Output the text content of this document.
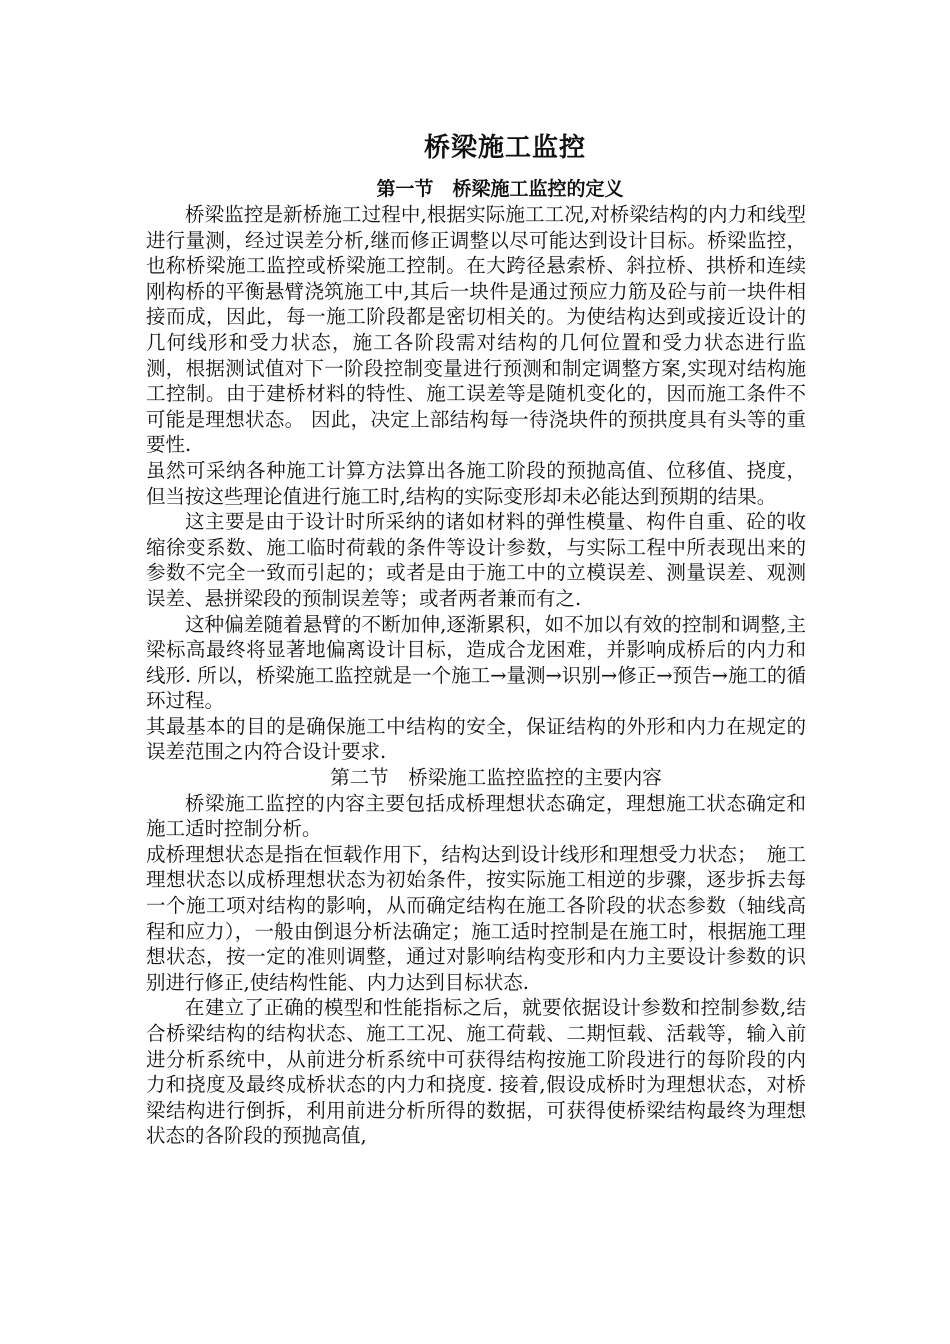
桥梁施工监控
第一节　桥梁施工监控的定义

桥梁监控是新桥施工过程中,根据实际施工工况,对桥梁结构的内力和线型进行量测，经过误差分析,继而修正调整以尽可能达到设计目标。桥梁监控，也称桥梁施工监控或桥梁施工控制。在大跨径悬索桥、斜拉桥、拱桥和连续刚构桥的平衡悬臂浇筑施工中,其后一块件是通过预应力筋及砼与前一块件相接而成，因此，每一施工阶段都是密切相关的。为使结构达到或接近设计的几何线形和受力状态，施工各阶段需对结构的几何位置和受力状态进行监测，根据测试值对下一阶段控制变量进行预测和制定调整方案,实现对结构施工控制。由于建桥材料的特性、施工误差等是随机变化的，因而施工条件不可能是理想状态。 因此，决定上部结构每一待浇块件的预拱度具有头等的重要性.

虽然可采纳各种施工计算方法算出各施工阶段的预抛高值、位移值、挠度，但当按这些理论值进行施工时,结构的实际变形却未必能达到预期的结果。

这主要是由于设计时所采纳的诸如材料的弹性模量、构件自重、砼的收缩徐变系数、施工临时荷载的条件等设计参数，与实际工程中所表现出来的参数不完全一致而引起的；或者是由于施工中的立模误差、测量误差、观测误差、悬拼梁段的预制误差等；或者两者兼而有之.

这种偏差随着悬臂的不断加伸,逐渐累积，如不加以有效的控制和调整,主梁标高最终将显著地偏离设计目标，造成合龙困难，并影响成桥后的内力和线形. 所以，桥梁施工监控就是一个施工→量测→识别→修正→预告→施工的循环过程。

其最基本的目的是确保施工中结构的安全，保证结构的外形和内力在规定的误差范围之内符合设计要求.

第二节　桥梁施工监控监控的主要内容

桥梁施工监控的内容主要包括成桥理想状态确定，理想施工状态确定和施工适时控制分析。

成桥理想状态是指在恒载作用下，结构达到设计线形和理想受力状态；　施工理想状态以成桥理想状态为初始条件，按实际施工相逆的步骤，逐步拆去每一个施工项对结构的影响，从而确定结构在施工各阶段的状态参数（轴线高程和应力），一般由倒退分析法确定；施工适时控制是在施工时，根据施工理想状态，按一定的准则调整，通过对影响结构变形和内力主要设计参数的识别进行修正,使结构性能、内力达到目标状态.

在建立了正确的模型和性能指标之后，就要依据设计参数和控制参数,结合桥梁结构的结构状态、施工工况、施工荷载、二期恒载、活载等，输入前进分析系统中，从前进分析系统中可获得结构按施工阶段进行的每阶段的内力和挠度及最终成桥状态的内力和挠度. 接着,假设成桥时为理想状态，对桥梁结构进行倒拆，利用前进分析所得的数据，可获得使桥梁结构最终为理想状态的各阶段的预抛高值,
